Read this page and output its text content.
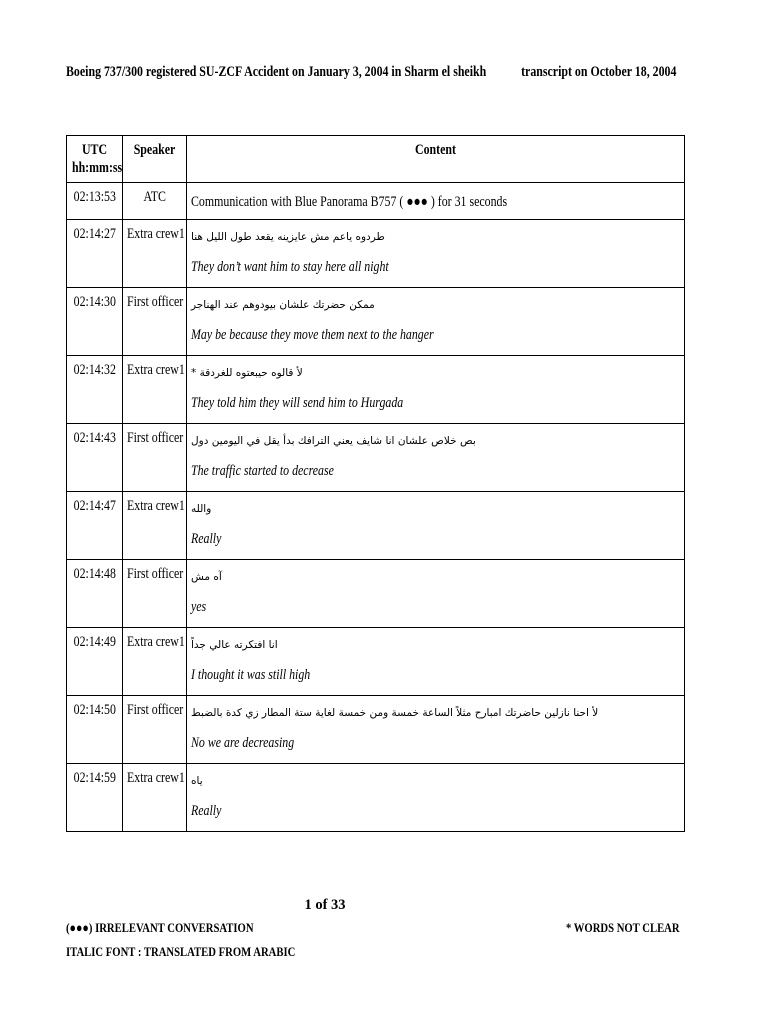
Boeing 737/300 registered SU-ZCF Accident on January 3, 2004 in Sharm el sheikh transcript on October 18, 2004
UTC
hh:mm:ss	Speaker	Content

02:13:53	ATC	Communication with Blue Panorama B757 ( ●●● ) for 31 seconds

02:14:27	Extra crew1	طردوه ياعم مش عايزينه يقعد طول الليل هنا
They don’t want him to stay here all night

02:14:30	First officer	ممكن حضرتك علشان بيودوهم عند الهناجر
May be because they move them next to the hanger

02:14:32	Extra crew1	لأ قالوه حيبعتوه للغردقة *
They told him they will send him to Hurgada

02:14:43	First officer	بص خلاص علشان انا شايف يعني الترافك بدأ يقل في اليومين دول
The traffic started to decrease

02:14:47	Extra crew1	والله
Really

02:14:48	First officer	آه مش
yes

02:14:49	Extra crew1	انا افتكرته عالي جداً
I thought it was still high

02:14:50	First officer	لأ احنا نازلين حاضرتك امبارح مثلاً الساعة خمسة ومن خمسة لغاية ستة المطار زي كدة بالضبط
No we are decreasing

02:14:59	Extra crew1	ياه
Really
1 of 33
(●●●) IRRELEVANT CONVERSATION
ITALIC FONT : TRANSLATED FROM ARABIC
* WORDS NOT CLEAR
